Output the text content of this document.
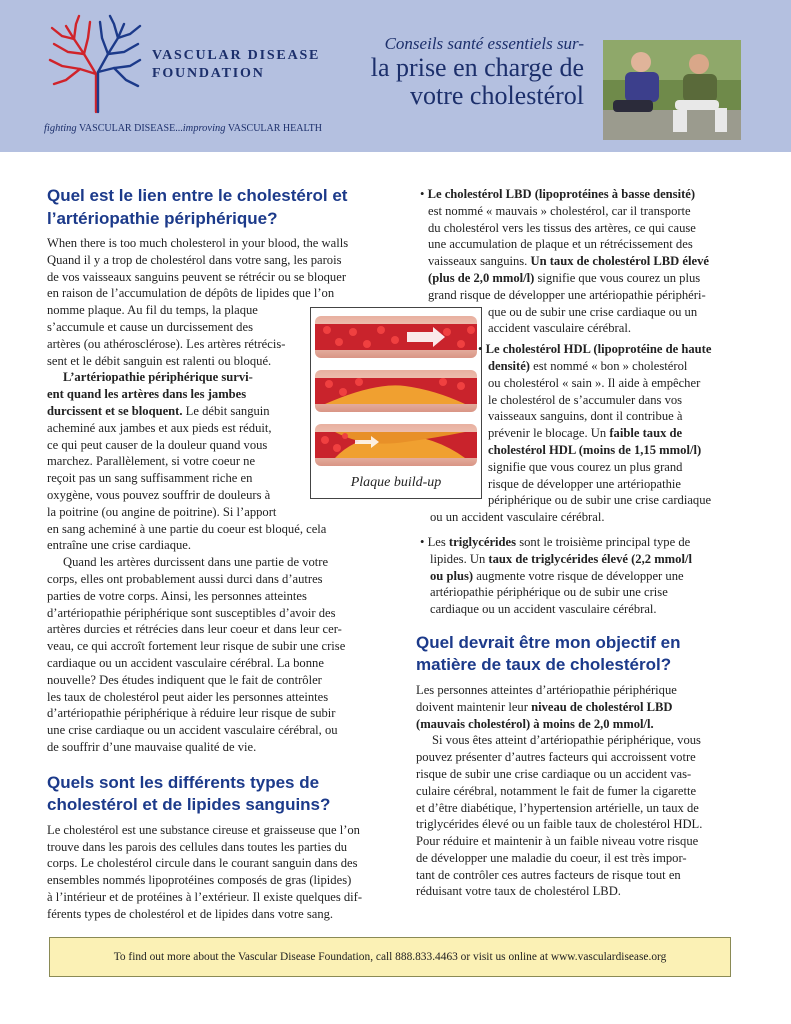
VASCULAR DISEASE
FOUNDATION
fighting VASCULAR DISEASE...improving VASCULAR HEALTH
Conseils santé essentiels sur-
la prise en charge de
votre cholestérol
Quel est le lien entre le cholestérol et
l’artériopathie périphérique?
When there is too much cholesterol in your blood, the walls
Quand il y a trop de cholestérol dans votre sang, les parois
de vos vaisseaux sanguins peuvent se rétrécir ou se bloquer
en raison de l’accumulation de dépôts de lipides que l’on
nomme plaque. Au fil du temps, la plaque
s’accumule et cause un durcissement des
artères (ou athérosclérose). Les artères rétrécis-
sent et le débit sanguin est ralenti ou bloqué.
L’artériopathie périphérique survi-
ent quand les artères dans les jambes
durcissent et se bloquent. Le débit sanguin
acheminé aux jambes et aux pieds est réduit,
ce qui peut causer de la douleur quand vous
marchez. Parallèlement, si votre coeur ne
reçoit pas un sang suffisamment riche en
oxygène, vous pouvez souffrir de douleurs à
la poitrine (ou angine de poitrine). Si l’apport
en sang acheminé à une partie du coeur est bloqué, cela
entraîne une crise cardiaque.
Quand les artères durcissent dans une partie de votre
corps, elles ont probablement aussi durci dans d’autres
parties de votre corps. Ainsi, les personnes atteintes
d’artériopathie périphérique sont susceptibles d’avoir des
artères durcies et rétrécies dans leur coeur et dans leur cer-
veau, ce qui accroît fortement leur risque de subir une crise
cardiaque ou un accident vasculaire cérébral. La bonne
nouvelle? Des études indiquent que le fait de contrôler
les taux de cholestérol peut aider les personnes atteintes
d’artériopathie périphérique à réduire leur risque de subir
une crise cardiaque ou un accident vasculaire cérébral, ou
de souffrir d’une mauvaise qualité de vie.
Quels sont les différents types de
cholestérol et de lipides sanguins?
Le cholestérol est une substance cireuse et graisseuse que l’on
trouve dans les parois des cellules dans toutes les parties du
corps. Le cholestérol circule dans le courant sanguin dans des
ensembles nommés lipoprotéines composés de gras (lipides)
à l’intérieur et de protéines à l’extérieur. Il existe quelques dif-
férents types de cholestérol et de lipides dans votre sang.
Plaque build-up
• Le cholestérol LBD (lipoprotéines à basse densité)
est nommé « mauvais » cholestérol, car il transporte
du cholestérol vers les tissus des artères, ce qui cause
une accumulation de plaque et un rétrécissement des
vaisseaux sanguins. Un taux de cholestérol LBD élevé
(plus de 2,0 mmol/l) signifie que vous courez un plus
grand risque de développer une artériopathie périphéri-
que ou de subir une crise cardiaque ou un
accident vasculaire cérébral.
• Le cholestérol HDL (lipoprotéine de haute
densité) est nommé « bon » cholestérol
ou cholestérol « sain ». Il aide à empêcher
le cholestérol de s’accumuler dans vos
vaisseaux sanguins, dont il contribue à
prévenir le blocage. Un faible taux de
cholestérol HDL (moins de 1,15 mmol/l)
signifie que vous courez un plus grand
risque de développer une artériopathie
périphérique ou de subir une crise cardiaque
ou un accident vasculaire cérébral.
• Les triglycérides sont le troisième principal type de
lipides. Un taux de triglycérides élevé (2,2 mmol/l
ou plus) augmente votre risque de développer une
artériopathie périphérique ou de subir une crise
cardiaque ou un accident vasculaire cérébral.
Quel devrait être mon objectif en
matière de taux de cholestérol?
Les personnes atteintes d’artériopathie périphérique
doivent maintenir leur niveau de cholestérol LBD
(mauvais cholestérol) à moins de 2,0 mmol/l.
Si vous êtes atteint d’artériopathie périphérique, vous
pouvez présenter d’autres facteurs qui accroissent votre
risque de subir une crise cardiaque ou un accident vas-
culaire cérébral, notamment le fait de fumer la cigarette
et d’être diabétique, l’hypertension artérielle, un taux de
triglycérides élevé ou un faible taux de cholestérol HDL.
Pour réduire et maintenir à un faible niveau votre risque
de développer une maladie du coeur, il est très impor-
tant de contrôler ces autres facteurs de risque tout en
réduisant votre taux de cholestérol LBD.
To find out more about the Vascular Disease Foundation, call 888.833.4463 or visit us online at www.vasculardisease.org
